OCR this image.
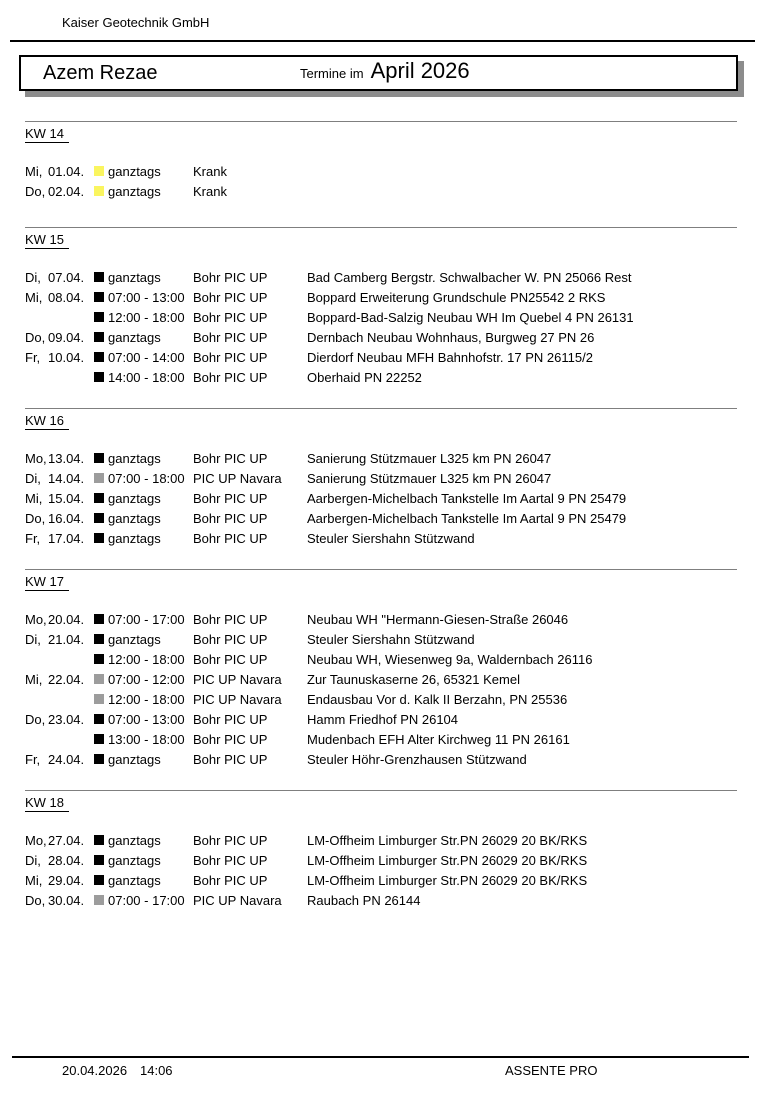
Kaiser Geotechnik GmbH
Azem Rezae	Termine im April 2026
KW 14
Mi, 01.04.	ganztags	Krank
Do, 02.04.	ganztags	Krank
KW 15
Di, 07.04.	ganztags	Bohr PIC UP	Bad Camberg Bergstr. Schwalbacher W. PN 25066 Rest
Mi, 08.04.	07:00 - 13:00 Bohr PIC UP	Boppard Erweiterung Grundschule PN25542 2 RKS
12:00 - 18:00 Bohr PIC UP	Boppard-Bad-Salzig Neubau WH Im Quebel 4 PN 26131
Do, 09.04.	ganztags	Bohr PIC UP	Dernbach Neubau Wohnhaus, Burgweg 27 PN 26
Fr, 10.04.	07:00 - 14:00 Bohr PIC UP	Dierdorf Neubau MFH Bahnhofstr. 17 PN 26115/2
14:00 - 18:00 Bohr PIC UP	Oberhaid PN 22252
KW 16
Mo, 13.04.	ganztags	Bohr PIC UP	Sanierung Stützmauer L325 km PN 26047
Di, 14.04.	07:00 - 18:00 PIC UP Navara	Sanierung Stützmauer L325 km PN 26047
Mi, 15.04.	ganztags	Bohr PIC UP	Aarbergen-Michelbach Tankstelle Im Aartal 9 PN 25479
Do, 16.04.	ganztags	Bohr PIC UP	Aarbergen-Michelbach Tankstelle Im Aartal 9 PN 25479
Fr, 17.04.	ganztags	Bohr PIC UP	Steuler Siershahn Stützwand
KW 17
Mo, 20.04.	07:00 - 17:00 Bohr PIC UP	Neubau WH "Hermann-Giesen-Straße 26046
Di, 21.04.	ganztags	Bohr PIC UP	Steuler Siershahn Stützwand
12:00 - 18:00 Bohr PIC UP	Neubau WH, Wiesenweg 9a, Waldernbach 26116
Mi, 22.04.	07:00 - 12:00 PIC UP Navara	Zur Taunuskaserne 26, 65321 Kemel
12:00 - 18:00 PIC UP Navara	Endausbau Vor d. Kalk II Berzahn, PN 25536
Do, 23.04.	07:00 - 13:00 Bohr PIC UP	Hamm Friedhof PN 26104
13:00 - 18:00 Bohr PIC UP	Mudenbach EFH Alter Kirchweg 11 PN 26161
Fr, 24.04.	ganztags	Bohr PIC UP	Steuler Höhr-Grenzhausen Stützwand
KW 18
Mo, 27.04.	ganztags	Bohr PIC UP	LM-Offheim Limburger Str.PN 26029 20 BK/RKS
Di, 28.04.	ganztags	Bohr PIC UP	LM-Offheim Limburger Str.PN 26029 20 BK/RKS
Mi, 29.04.	ganztags	Bohr PIC UP	LM-Offheim Limburger Str.PN 26029 20 BK/RKS
Do, 30.04.	07:00 - 17:00 PIC UP Navara	Raubach PN 26144
20.04.2026 14:06	ASSENTE PRO
